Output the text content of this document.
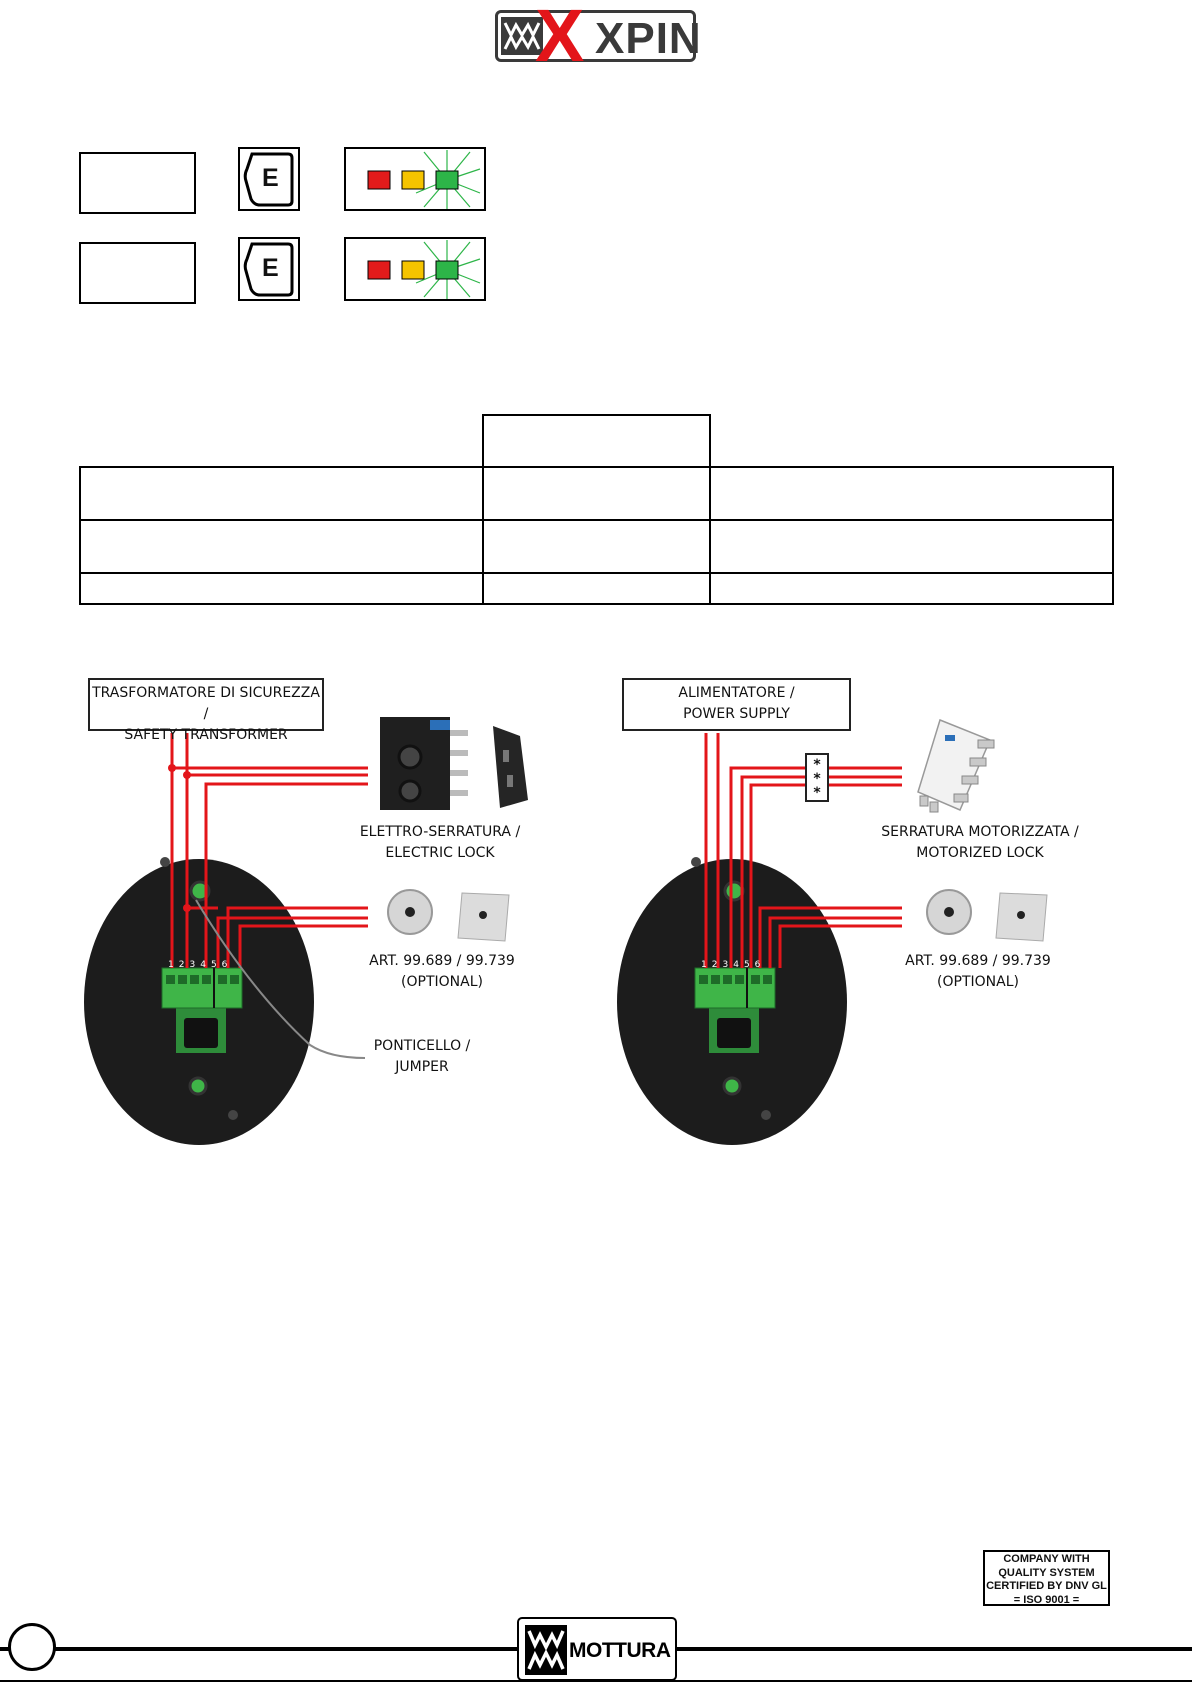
X XPIN
E
E
123456	123456
TRASFORMATORE DI SICUREZZA /
SAFETY TRANSFORMER
ELETTRO-SERRATURA /
ELECTRIC LOCK
ART. 99.689 / 99.739
(OPTIONAL)
PONTICELLO /
JUMPER
ALIMENTATORE /
POWER SUPPLY
*
*
*
SERRATURA MOTORIZZATA /
MOTORIZED LOCK
ART. 99.689 / 99.739
(OPTIONAL)
COMPANY WITH
QUALITY SYSTEM
CERTIFIED BY DNV GL
= ISO 9001 =
MOTTURA
